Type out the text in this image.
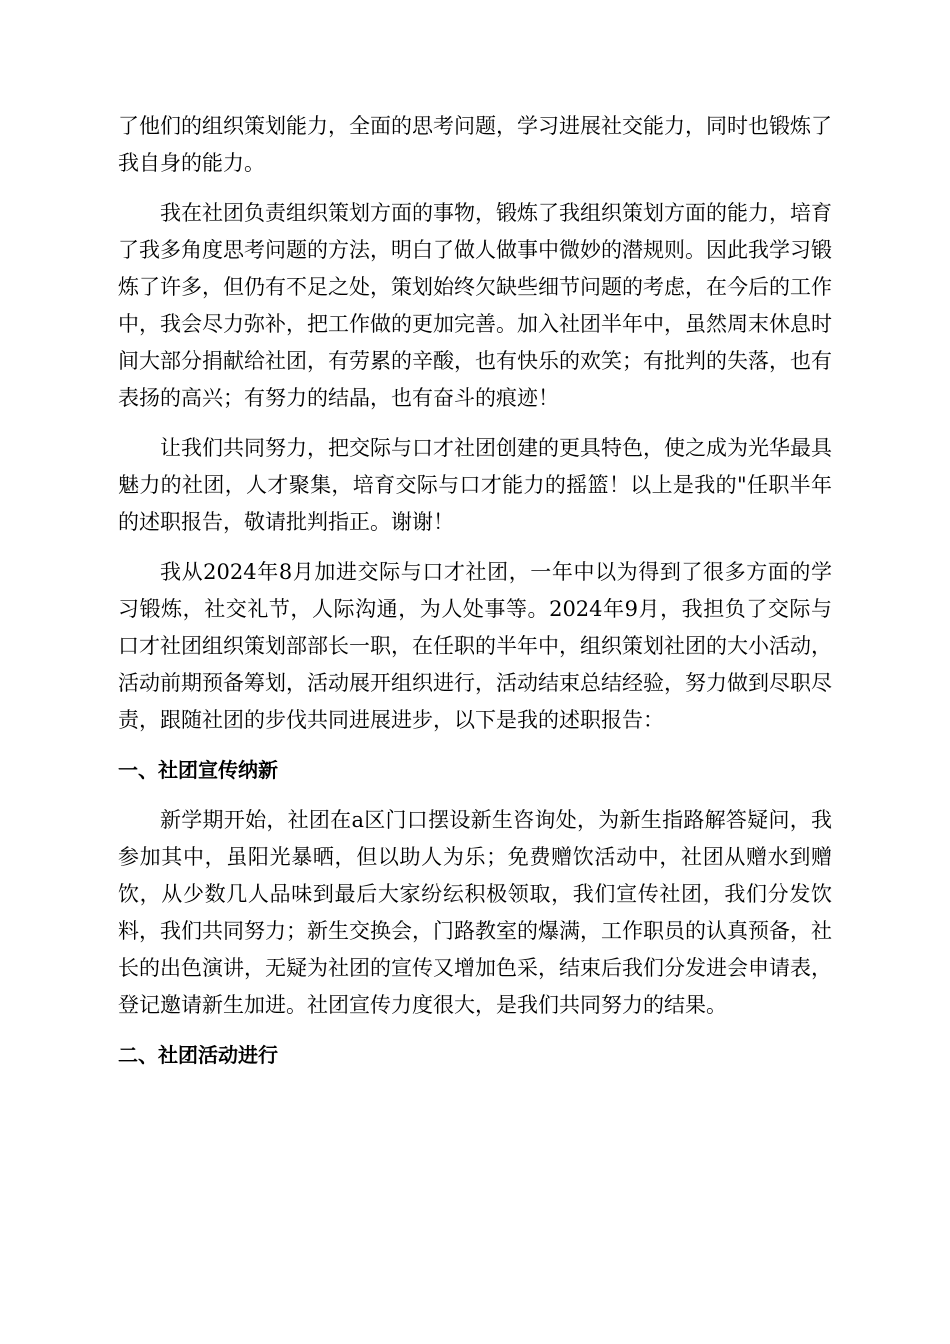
了他们的组织策划能力，全面的思考问题，学习进展社交能力，同时也锻炼了我自身的能力。

我在社团负责组织策划方面的事物，锻炼了我组织策划方面的能力，培育了我多角度思考问题的方法，明白了做人做事中微妙的潜规则。因此我学习锻炼了许多，但仍有不足之处，策划始终欠缺些细节问题的考虑，在今后的工作中，我会尽力弥补，把工作做的更加完善。加入社团半年中，虽然周末休息时间大部分捐献给社团，有劳累的辛酸，也有快乐的欢笑；有批判的失落，也有表扬的高兴；有努力的结晶，也有奋斗的痕迹！

让我们共同努力，把交际与口才社团创建的更具特色，使之成为光华最具魅力的社团，人才聚集，培育交际与口才能力的摇篮！以上是我的"任职半年的述职报告，敬请批判指正。谢谢！

我从2024年8月加进交际与口才社团，一年中以为得到了很多方面的学习锻炼，社交礼节，人际沟通，为人处事等。2024年9月，我担负了交际与口才社团组织策划部部长一职，在任职的半年中，组织策划社团的大小活动，活动前期预备筹划，活动展开组织进行，活动结束总结经验，努力做到尽职尽责，跟随社团的步伐共同进展进步，以下是我的述职报告：

一、社团宣传纳新

新学期开始，社团在a区门口摆设新生咨询处，为新生指路解答疑问，我参加其中，虽阳光暴晒，但以助人为乐；免费赠饮活动中，社团从赠水到赠饮，从少数几人品味到最后大家纷纭积极领取，我们宣传社团，我们分发饮料，我们共同努力；新生交换会，门路教室的爆满，工作职员的认真预备，社长的出色演讲，无疑为社团的宣传又增加色采，结束后我们分发进会申请表，登记邀请新生加进。社团宣传力度很大，是我们共同努力的结果。

二、社团活动进行
